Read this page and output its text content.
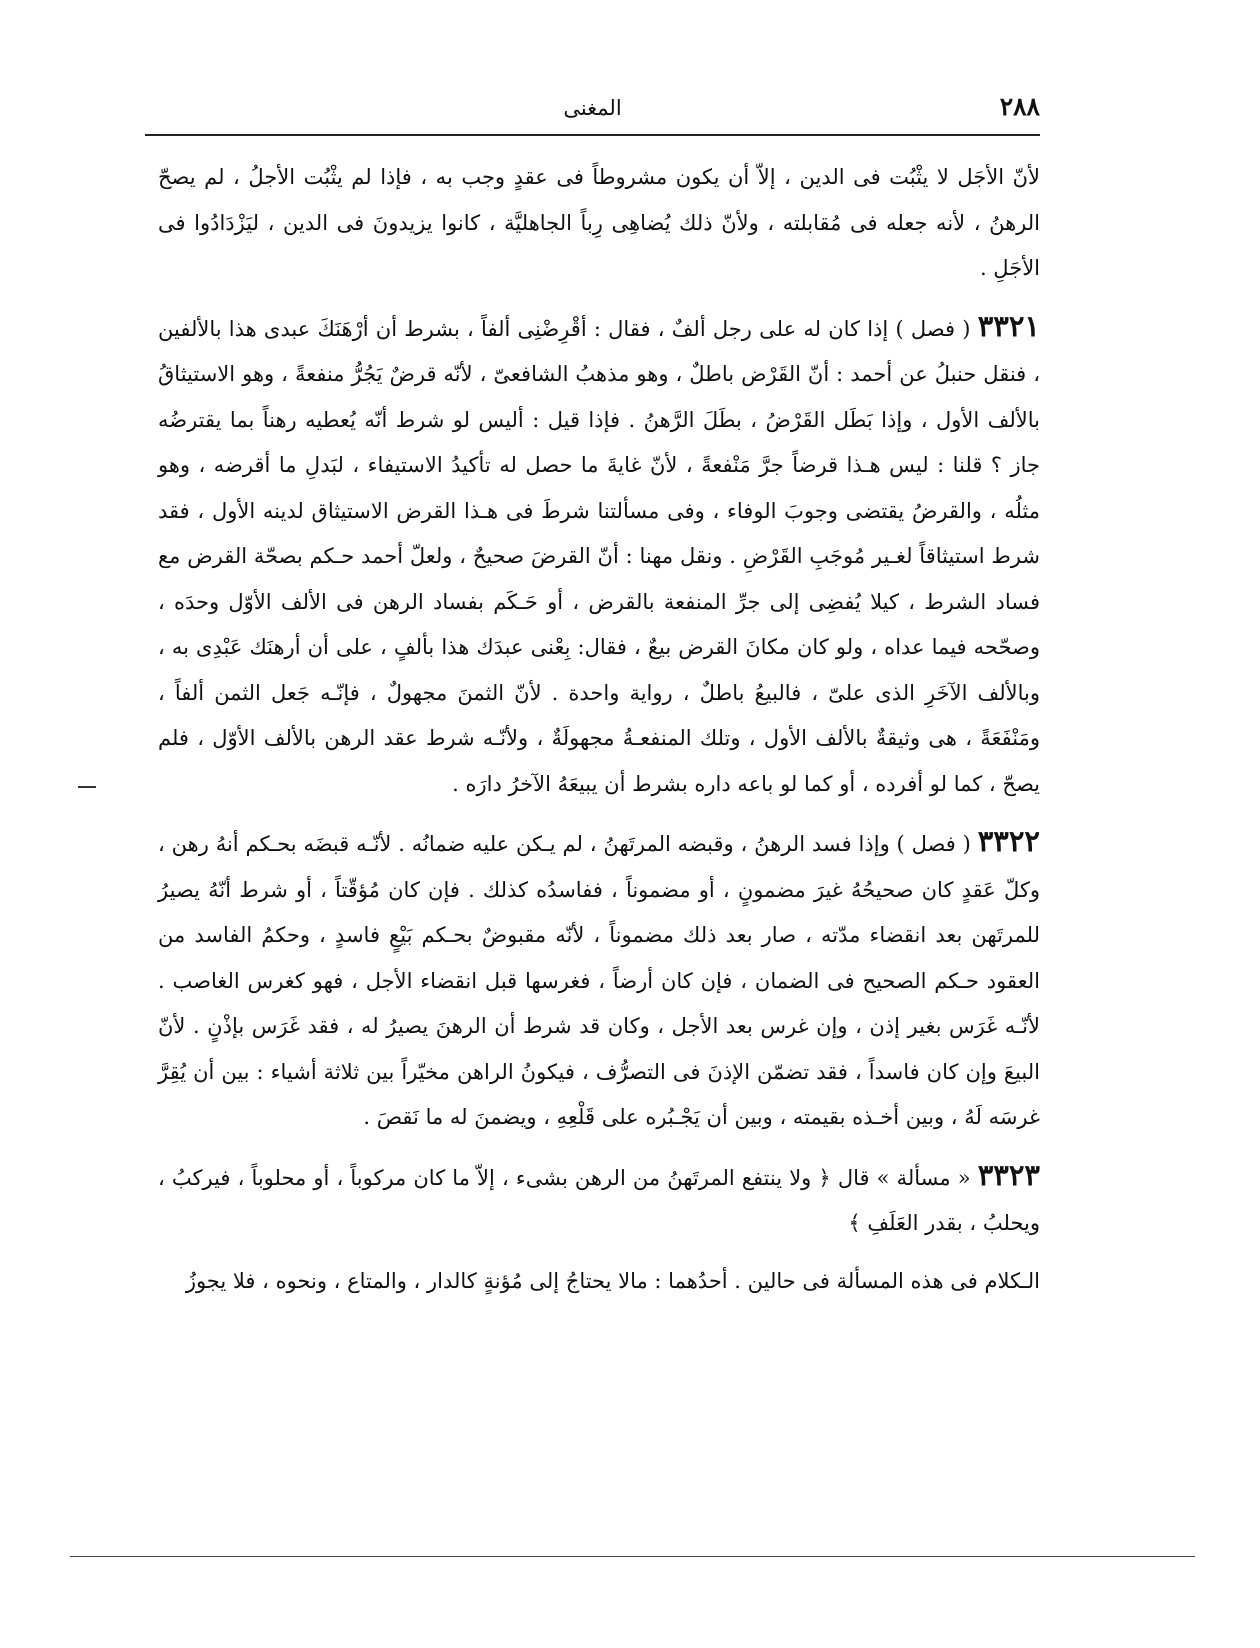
٢٨٨
المغنى

لأنّ الأجَل لا يثْبُت فى الدين ، إلاّ أن يكون مشروطاً فى عقدٍ وجب به ، فإذا لم يثْبُت الأجلُ ، لم يصحّ الرهنُ ، لأنه جعله فى مُقابلته ، ولأنّ ذلك يُضاهِى رِباً الجاهليَّة ، كانوا يزيدونَ فى الدين ، ليَزْدَادُوا فى الأجَلِ .

٣٣٢١ ( فصل ) إذا كان له على رجل ألفٌ ، فقال : أقْرِضْنِى ألفاً ، بشرط أن أرْهَنَكَ عبدى هذا بالألفين ، فنقل حنبلُ عن أحمد : أنّ القَرْض باطلٌ ، وهو مذهبُ الشافعىّ ، لأنّه قرضٌ يَجُرُّ منفعةً ، وهو الاستيثاقُ بالألف الأول ، وإذا بَطَل القَرْضُ ، بطَلَ الرَّهنُ . فإذا قيل : أليس لو شرط أنّه يُعطيه رهناً بما يقترضُه جاز ؟ قلنا : ليس هـذا قرضاً جرَّ مَنْفعةً ، لأنّ غايةَ ما حصل له تأكيدُ الاستيفاء ، لبَدلِ ما أقرضه ، وهو مثلُه ، والقرضُ يقتضى وجوبَ الوفاء ، وفى مسألتنا شرطَ فى هـذا القرض الاستيثاق لدينه الأول ، فقد شرط استيثاقاً لغـير مُوجَبِ القَرْضِ . ونقل مهنا : أنّ القرضَ صحيحٌ ، ولعلّ أحمد حـكم بصحّة القرض مع فساد الشرط ، كيلا يُفضِى إلى جرِّ المنفعة بالقرض ، أو حَـكَم بفساد الرهن فى الألف الأوّل وحدَه ، وصحّحه فيما عداه ، ولو كان مكانَ القرض بيعٌ ، فقال: بِعْنى عبدَك هذا بألفٍ ، على أن أرهنَك عَبْدِى به ، وبالألف الآخَرِ الذى علىّ ، فالبيعُ باطلٌ ، رواية واحدة . لأنّ الثمنَ مجهولٌ ، فإنّـه جَعل الثمن ألفاً ، ومَنْفَعَةً ، هى وثيقةٌ بالألف الأول ، وتلك المنفعـةُ مجهولَةٌ ، ولأنّـه شرط عقد الرهن بالألف الأوّل ، فلم يصحّ ، كما لو أفرده ، أو كما لو باعه داره بشرط أن يبيعَهُ الآخرُ دارَه .

٣٣٢٢ ( فصل ) وإذا فسد الرهنُ ، وقبضه المرتَهنُ ، لم يـكن عليه ضمانُه . لأنّـه قبضَه بحـكم أنهُ رهن ، وكلّ عَقدٍ كان صحيحُهُ غيرَ مضمونٍ ، أو مضموناً ، ففاسدُه كذلك . فإن كان مُؤقّتاً ، أو شرط أنّهُ يصيرُ للمرتَهن بعد انقضاء مدّته ، صار بعد ذلك مضموناً ، لأنّه مقبوضٌ بحـكم بَيْعٍ فاسدٍ ، وحكمُ الفاسد من العقود حـكم الصحيح فى الضمان ، فإن كان أرضاً ، فغرسها قبل انقضاء الأجل ، فهو كغرس الغاصب . لأنّـه غَرَس بغير إذن ، وإن غرس بعد الأجل ، وكان قد شرط أن الرهنَ يصيرُ له ، فقد غَرَس بإذْنٍ . لأنّ البيعَ وإن كان فاسداً ، فقد تضمّن الإذنَ فى التصرُّف ، فيكونُ الراهن مخيّراً بين ثلاثة أشياء : بين أن يُقِرَّ غرسَه لَهُ ، وبين أخـذه بقيمته ، وبين أن يَجْـبُره على قَلْعِهِ ، ويضمنَ له ما نَقصَ .

٣٣٢٣ « مسألة » قال ﴿ ولا ينتفع المرتَهنُ من الرهن بشىء ، إلاّ ما كان مركوباً ، أو محلوباً ، فيركبُ ، ويحلبُ ، بقدر العَلَفِ ﴾

الـكلام فى هذه المسألة فى حالين . أحدُهما : مالا يحتاجُ إلى مُؤنةٍ كالدار ، والمتاع ، ونحوه ، فلا يجوزُ
